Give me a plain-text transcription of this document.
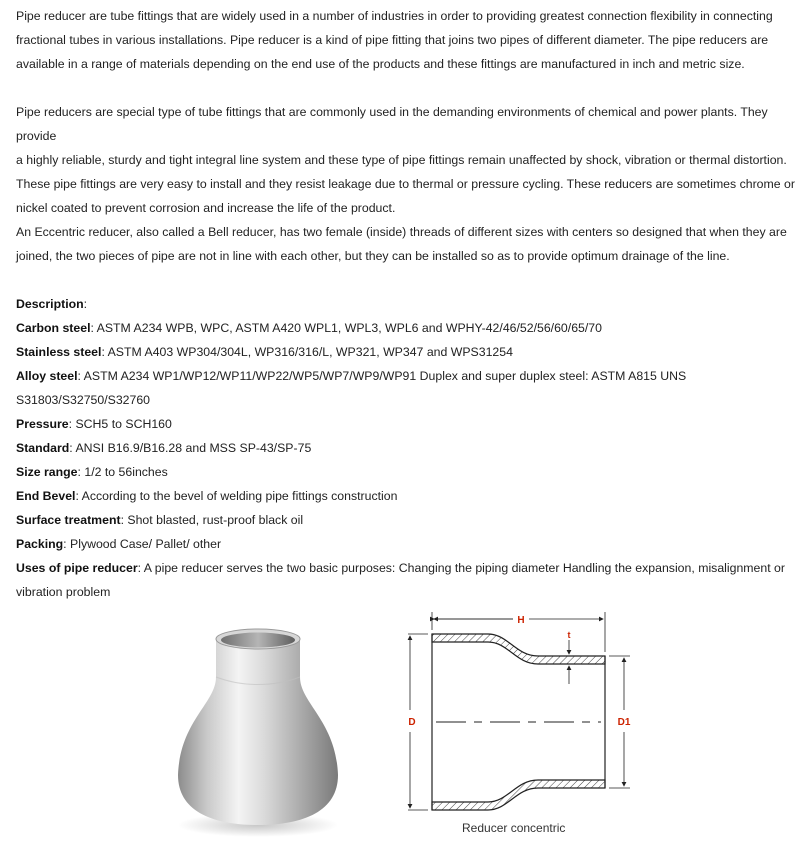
Pipe reducer are tube fittings that are widely used in a number of industries in order to providing greatest connection flexibility in connecting

fractional tubes in various installations. Pipe reducer is a kind of pipe fitting that joins two pipes of different diameter. The pipe reducers are

available in a range of materials depending on the end use of the products and these fittings are manufactured in inch and metric size.

Pipe reducers are special type of tube fittings that are commonly used in the demanding environments of chemical and power plants. They provide

a highly reliable, sturdy and tight integral line system and these type of pipe fittings remain unaffected by shock, vibration or thermal distortion.

These pipe fittings are very easy to install and they resist leakage due to thermal or pressure cycling. These reducers are sometimes chrome or

nickel coated to prevent corrosion and increase the life of the product.

An Eccentric reducer, also called a Bell reducer, has two female (inside) threads of different sizes with centers so designed that when they are

joined, the two pieces of pipe are not in line with each other, but they can be installed so as to provide optimum drainage of the line.

Description:

Carbon steel: ASTM A234 WPB, WPC, ASTM A420 WPL1, WPL3, WPL6 and WPHY-42/46/52/56/60/65/70

Stainless steel: ASTM A403 WP304/304L, WP316/316/L, WP321, WP347 and WPS31254

Alloy steel: ASTM A234 WP1/WP12/WP11/WP22/WP5/WP7/WP9/WP91 Duplex and super duplex steel: ASTM A815 UNS

S31803/S32750/S32760

Pressure: SCH5 to SCH160

Standard: ANSI B16.9/B16.28 and MSS SP-43/SP-75

Size range: 1/2 to 56inches

End Bevel: According to the bevel of welding pipe fittings construction

Surface treatment: Shot blasted, rust-proof black oil

Packing: Plywood Case/ Pallet/ other

Uses of pipe reducer: A pipe reducer serves the two basic purposes: Changing the piping diameter Handling the expansion, misalignment or

vibration problem

H
t
D	D1
Reducer concentric
